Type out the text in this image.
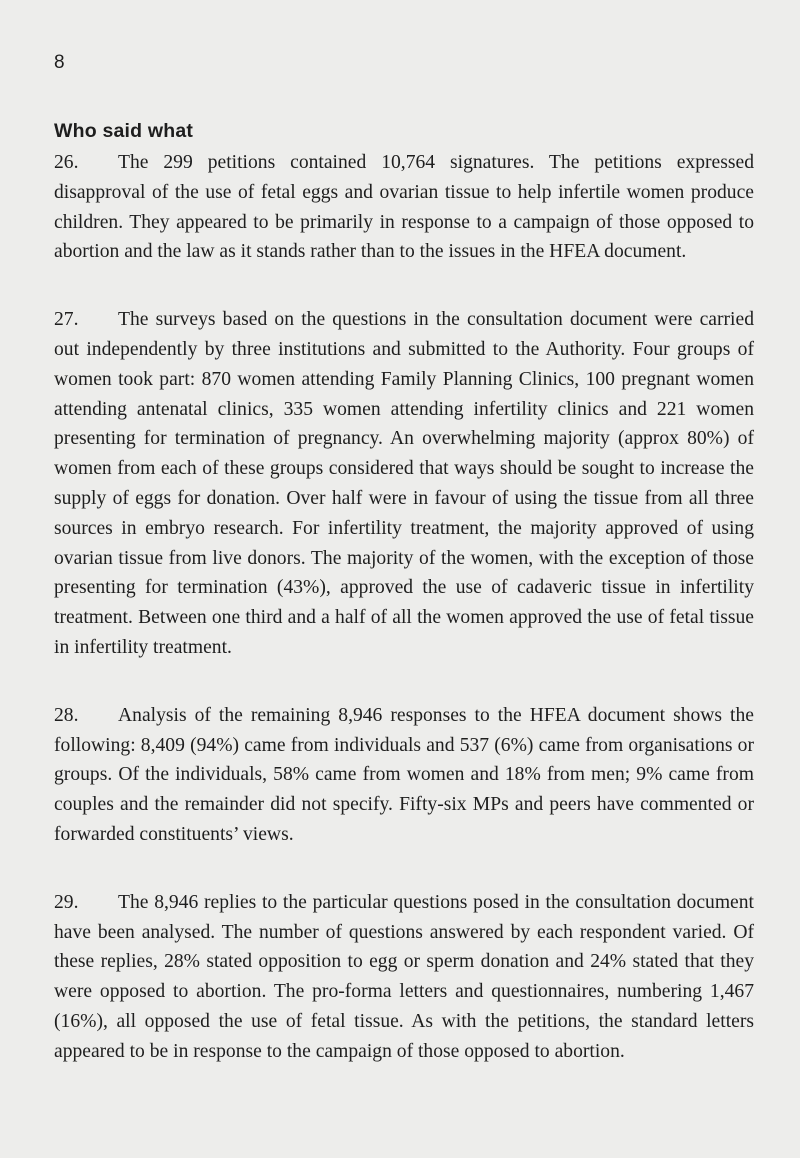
8
Who said what

26. The 299 petitions contained 10,764 signatures. The petitions expressed disapproval of the use of fetal eggs and ovarian tissue to help infertile women produce children. They appeared to be primarily in response to a campaign of those opposed to abortion and the law as it stands rather than to the issues in the HFEA document.

27. The surveys based on the questions in the consultation document were carried out independently by three institutions and submitted to the Authority. Four groups of women took part: 870 women attending Family Planning Clinics, 100 pregnant women attending antenatal clinics, 335 women attending infertility clinics and 221 women presenting for termination of pregnancy. An overwhelming majority (approx 80%) of women from each of these groups considered that ways should be sought to increase the supply of eggs for donation. Over half were in favour of using the tissue from all three sources in embryo research. For infertility treatment, the majority approved of using ovarian tissue from live donors. The majority of the women, with the exception of those presenting for termination (43%), approved the use of cadaveric tissue in infertility treatment. Between one third and a half of all the women approved the use of fetal tissue in infertility treatment.

28. Analysis of the remaining 8,946 responses to the HFEA document shows the following: 8,409 (94%) came from individuals and 537 (6%) came from organisations or groups. Of the individuals, 58% came from women and 18% from men; 9% came from couples and the remainder did not specify. Fifty-six MPs and peers have commented or forwarded constituents’ views.

29. The 8,946 replies to the particular questions posed in the consultation document have been analysed. The number of questions answered by each respondent varied. Of these replies, 28% stated opposition to egg or sperm donation and 24% stated that they were opposed to abortion. The pro-forma letters and questionnaires, numbering 1,467 (16%), all opposed the use of fetal tissue. As with the petitions, the standard letters appeared to be in response to the campaign of those opposed to abortion.
